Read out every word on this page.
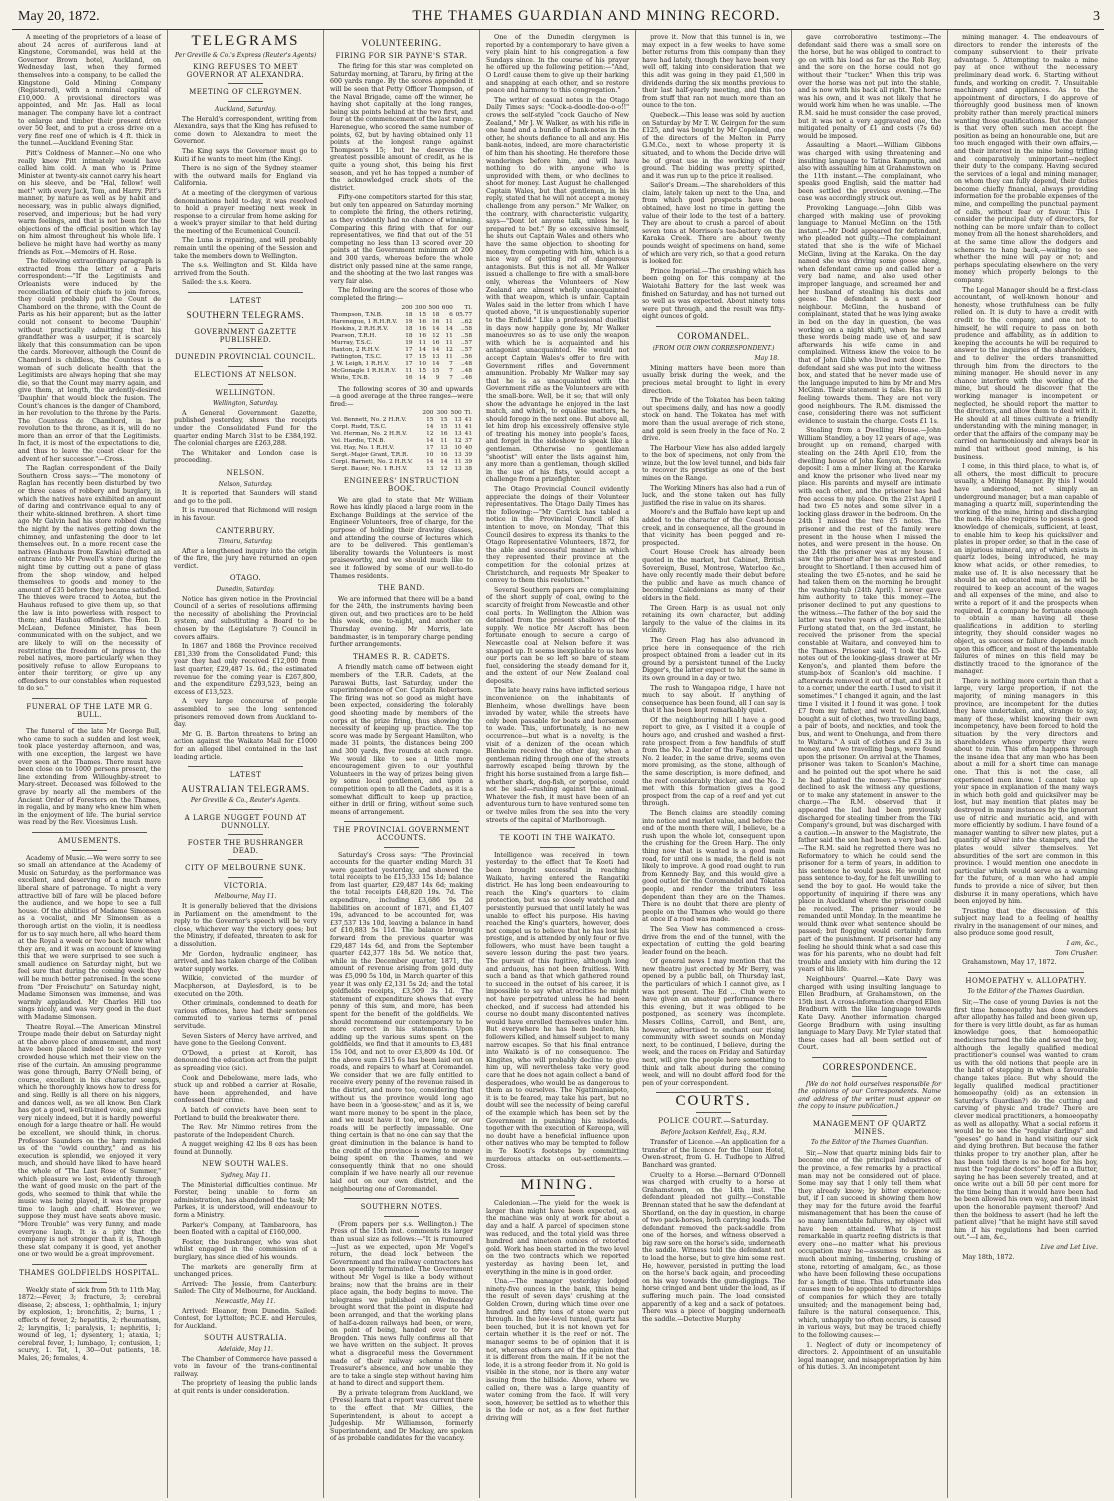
May 20, 1872.	THE THAMES GUARDIAN AND MINING RECORD.	3

A meeting of the proprietors of a lease of about 24 acres of auriferous land at Kingstone, Coromandel, was held at the Governor Brown hotel, Auckland, on Wednesday last, when they formed themselves into a company, to be called the Kingstone Gold Mining Company (Registered), with a nominal capital of £10,000. A provisional directors was appointed, and Mr. Jas. Hall as local manager. The company have let a contract to enlarge and timber their present drive over 50 feet, and to put a cross drive on a very fine reef one of which is 4 ft. thick in the tunnel.—Auckland Evening Star.

Pitt's Coldness of Manner.—No one who really knew Pitt intimately would have called him cold. A man who is Prime Minister at twenty-six cannot carry his heart on his sleeve, and be "Hal, fellow! well met!" with every Jack, Tom, and Harry. Pitt's manner, by nature as well as by habit and necessary, was in public always dignified, reserved, and imperious; but he had very warm feelings, and that is not been for the objections of the official position which lay on him almost throughout his whole life. I believe he might have had worthy as many friends as Fox.—Memoirs of H. Rose.

The following extraordinary paragraph is extracted from the letter of a Paris correspondent:—"If the Legitimists and Orleanists were induced by the reconciliation of their chiefs to join forces, they could probably put the Count de Chambord on the throne, with the Count de Paris as his heir apparent; but as the latter could not consent to become 'Dauphin' without practically admitting that his grandfather was a usurper, it is scarcely likely that this consummation can be upon the cards. Moreover, although the Count de Chambord is childless, the Countess is a woman of such delicate health that the Legitimists are always hoping that she may die, so that the Count may marry again, and give them, at length, the ardently-desired 'Dauphin' that would block the fusion. The Count's chances is the danger of Chambord, in her revolution to the throne by the Paris. The Countess de Chambord, in her revolution to the throne, as it is, will do no more than an error of that the Legitimists. In fact, it is most of the expectations to die, and thus to leave the coast clear for the advent of her successor."—Cross.

The Raglan correspondent of the Daily Southern Cross says:—"The monotony of Raglan has recently been disturbed by two or three cases of robbery and burglary, in which the natives have exhibited an amount of daring and contrivance equal to any of their white-skinned brethren. A short time ago Mr Galvin had his store robbed during the night by the natives getting down the chimney, and unfastening the door to let themselves out. In a more recent case the natives (Hauhaus from Kawhia) effected an entrance into Mr Powell's store during the night time by cutting out a pane of glass from the shop window, and helped themselves to goods and money to the amount of £35 before they became satisfied. The thieves were traced to Aotea, but the Hauhaus refused to give them up, so that the law is into powerless with respect to them; and Hauhau offenders. The Hon. D. McLean, Defence Minister, has been communicated with on the subject, and we are likely to will on the necessity of restricting the freedom of ingress to the rebel natives, more particularly when they positively refuse to allow Europeans to enter their territory, or give up any offenders to our constables when requested to do so."

FUNERAL OF THE LATE MR G. BULL.

The funeral of the late Mr George Bull, who came to such a sudden and lost week, took place yesterday afternoon, and was, with one exception, the largest we have ever seen at the Thames. There must have been close on to 1000 persons present, the line extending from Willoughby-street to Mary-street. Deceased was followed to the grave by nearly all the members of the Ancient Order of Foresters on the Thames, in regalia, and by many who knew him when in the enjoyment of life. The burial service was read by the Rev. Vicesimus Lush.

AMUSEMENTS.

Academy of Music.—We were sorry to see so small an attendance at the Academy of Music on Saturday, as the performance was excellent, and deserving of a much more liberal share of patronage. To night a very attractive bill of fare will be placed before the audience, and we hope to see a full house. Of the abilities of Madame Simonsen as a vocalist, and Mr Simonsen as a thorough artist on the violin, it is needless for us to say much here, all who heard them at the Royal a week or two back know what they are, and it was on account of knowing this that we were surprised to see such a small audience on Saturday night, but we feel sure that during the coming week they will be much better patronised. In the scene from "Der Freischutz" on Saturday night, Madame Simonsen was immense, and was warmly applauded. Mr Charles Hill too sings nicely, and was very good in the duet with Madame Simonsen.

Theatre Royal.—The American Minstrel Troupe made their debut on Saturday night at the above place of amusement, and most have been placed indeed to see the very crowded house which met their view on the rise of the curtain. An amusing programme was gone through, Barry O'Neill being, of course, excellent in his character songs, which he thoroughly knows how to dress for and sing. Reilly is all there on his niggers, and dances well, as we all know. Ben Clark has got a good, well-trained voice, and sings very nicely indeed, but it is hardly powerful enough for a large theatre or hall. He would be excellent, we should think, in chorus. Professor Saunders on the harp reminded us of the "owld counthry," and as his execution is splendid, we enjoyed it very much, and should have liked to have heard the whole of "The Last Rose of Summer," which pleasure we lost, evidently through the want of good music on the part of the gods, who seemed to think that while the music was being played, it was the proper time to laugh and chaff. However, we suppose they must have seats above music. "More Trouble" was very funny, and made everyone laugh. It is a pity that the company is not stronger than it is, Though these slat company it is good, yet another one or two would be a great improvement.

THAMES GOLDFIELDS HOSPITAL.

Weekly state of sick from 5th to 11th May, 1872:—Fever, 3; fracture, 3; cerebral disease, 2; abscess, 1; ophthalmia, 1; injury by explosion, 1; bronchitis, 2; burns, 1 ; effects of fever, 2; hepatitis, 2; rheumatism, 2; laryngitis, 1; paralysis, 1; nephritis, 1; wound of leg, 1; dysentery, 1; ataxia, 1; cerebral fever, 1; lumbago, 1; contusion, 1; scurvy, 1. Tot, 1, 30—Out patients, 18. Males, 26; females, 4.

TELEGRAMS
Per Greville & Co.'s Express (Reuter's Agents)
KING REFUSES TO MEET GOVERNOR AT ALEXANDRA.
MEETING OF CLERGYMEN.
Auckland, Saturday.

The Herald's correspondent, writing from Alexandra, says that the King has refused to come down to Alexandra to meet the Governor.

The King says the Governor must go to Kuiti if he wants to meet him (the King).

There is no sign of the Sydney steamer with the outward mails for England via California.

At a meeting of the clergymen of various denominations held to-day, it was resolved to hold a prayer meeting next week in response to a circular from home asking for a week's prayer similar to that held during the meeting of the Ecumenical Council.

The Luna is repairing, and will probably remain until the opening of the Session and take the members down to Wellington.

The s.s. Wellington and St. Kilda have arrived from the South.

Sailed: the s.s. Keera.

LATEST
SOUTHERN TELEGRAMS.
GOVERNMENT GAZETTE PUBLISHED.
DUNEDIN PROVINCIAL COUNCIL.
ELECTIONS AT NELSON.
WELLINGTON.
Wellington, Saturday.

A General Government Gazette, published yesterday, shows the receipts under the Consolidated Fund for the quarter ending March 31st to be £384,192. The colonial charges are £263,288.

The Whitaker and London case is proceeding.

NELSON.
Nelson, Saturday.

It is reported that Saunders will stand and go to the poll.

It is rumoured that Richmond will resign in his favour.

CANTERBURY.
Timaru, Saturday.

After a lengthened inquiry into the origin of the fire, the jury have returned an open verdict.

OTAGO.
Dunedin, Saturday.

Notice has given notice in the Provincial Council of a series of resolutions affirming the necessity of abolishing the Provincial system, and substituting a Board to be chosen by the (Legislature ?) Council in covers affairs.

In 1867 and 1868 the Province received £81,339 from the Consolidated Fund; this year they had only received £12,000 from last quarter, £29,487 1s. 6d.; the estimated revenue for the coming year is £267,800, and the expenditure £293,523, being an excess of £13,523.

A very large concourse of people assembled to see the long sentenced prisoners removed down from Auckland to-day.

Mr G. B. Barton threatens to bring an action against the Waikato Mail for £1000 for an alleged libel contained in the last leading article.

LATEST
AUSTRALIAN TELEGRAMS.
Per Greville & Co., Reuter's Agents.
A LARGE NUGGET FOUND AT DUNNOLLY.
FOSTER THE BUSHRANGER DEAD.
CITY OF MELBOURNE SUNK.
VICTORIA.
Melbourne, May 11.

It is generally believed that the divisions in Parliament on the amendment to the reply to the Governor's speech will be very close, whichever way the victory goes; but the Ministry, if defeated, threaten to ask for a dissolution.

Mr Gordon, hydraulic engineer, has arrived, and has taken charge of the Coliban water supply works.

Wilkie, convicted of the murder of Macpherson, at Daylesford, is to be executed on the 20th.

Other criminals, condemned to death for various offences, have had their sentences commuted to various terms of penal servitude.

Seven Sisters of Mercy have arrived, and have gone to the Geelong Convent.

O'Dowd, a priest at Koroit, has denounced the education act from the pulpit as spreading vice (sic).

Cook and Debelowane, mere lads, who stuck up and robbed a carrier at Rosalie, have been apprehended, and have confessed their crime.

A batch of convicts have been sent to Portland to build the breakwater there.

The Rev. Mr Nimmo retires from the pastorate of the Independent Church.

A nugget weighing 42 lbs 8 ozs has been found at Dunnolly.

NEW SOUTH WALES.
Sydney, May 11.

The Ministerial difficulties continue. Mr Forster, being unable to form an administration, has abandoned the task; Mr Parkes, it is understood, will endeavour to form a Ministry.

Parker's Company, at Tambaroora, has been floated with a capital of £160,000.

Foster, the bushranger, who was shot whilst engaged in the commission of a burglary, has since died of his wounds.

The markets are generally firm at unchanged prices.

Arrived: The Jessie, from Canterbury. Sailed: The City of Melbourne, for Auckland.

Newcastle, May 11.

Arrived: Eleanor, from Dunedin. Sailed: Contest, for Lyttelton; P.C.E. and Hercules, for Auckland.

SOUTH AUSTRALIA.
Adelaide, May 11.

The Chamber of Commerce have passed a vote in favour of the trans-continental railway.

The propriety of leasing the public lands at quit rents is under consideration.

VOLUNTEERING.
FIRING FOR SIR PAYNE'S STAR.

The firing for this star was completed on Saturday morning, at Tararu, by firing at the 600 yards range. By the scores appended it will be seen that Petty Officer Thompson, of the Naval Brigade, came off the winner, he having shot capitally at the long ranges, being six points behind at the two first, and four at the commencement of the last range. Harenegue, who scored the same number of points, 62, but by having obtained only 11 points at the longest range against Thompson's 15; but he deserves the greatest possible amount of credit, as he is quite a young shot, this being his first season, and yet he has topped a number of the acknowledged crack shots of the district.

Fifty-one competitors started for this star, but only ten appeared on Saturday morning to complete the firing, the others retiring, as they evidently had no chance of winning. Comparing this firing with that for our representatives, we find that out of the 51 competing no less than 13 scored over 20 points at the Government minimum at 200 and 300 yards, whereas before the whole district only passed nine at the same range, and the shooting at the two last ranges was very fair also.

The following are the scores of those who completed the firing:—

	200	300	500	600	Tl.
Thompson, T.N.B.	18	15	18	6	05.77
Harenegue, 1 R.H.R.V.	19	16	16	11	..62
Hoskins, 2 R.H.R.V.	18	16	14	14	..58
Pearson, T.R.H.	18	16	12	11	..58
Murray, T.S.C.	19	11	16	11	..57
Haxton, 2 R.H.V.	17	14	14	12	..57
Pattington, T.S.C.	17	15	13	11	..56
J. W. Leigh, 1 R.H.V.	17	10	14	7	..48
McGonagle 1 R.H.R.V.	11	15	15	7	..48
White, T.N.B.	16	14	9	7	..46

The following scores of 30 and upwards —a good average at the three ranges—were fired:—

	200	300	500	Tl.
Vol. Bennett, No. 2 H.R.V.	15	15	13	41
Corpl. Rudd, T.S.C.	14	15	11	41
Vol. Herman, No. 2 H.R.V.	12	16	13	41
Vol. Hardie, T.N.B.	14	11	12	37
Vol. Hay, No. 1 R.H.V.	17	13	10	40
Sergt.-Major Grant, T.R.R.	10	16	13	39
Corpl. Barnett, No. 2 H.R.V.	14	14	11	39
Sergt. Bauer, No. 1 R.H.V.	13	12	13	38
ENGINEERS' INSTRUCTION BOOK.

We are glad to state that Mr William Rowe has kindly placed a large room in the Exchange Buildings at the service of the Engineer Volunteers, free of charge, for the purpose of holding their drawing classes, and attending the course of lectures which are to be delivered. This gentleman's liberality towards the Volunteers is most praiseworthy, and we should much like to see it followed by some of our well-to-do Thames residents.

THE BAND.

We are informed that there will be a band for the 24th, the instruments having been given out, and two practices are to be held this week, one to-night, and another on Thursday evening. Mr Morris, late bandmaster, is in temporary charge pending further arrangements.

THAMES R. R. CADETS.

A friendly match came off between eight members of the T.R.R. Cadets, at the Parawai Butts, last Saturday, under the superintendence of Cor. Captain Robertson. The firing was not so good as might have been expected, considering the tolerably good shooting made by members of the corps at the prize firing, thus showing the necessity of keeping up practice. The top score was made by Sergeant Hamilton, who made 31 points, the distances being 200 and 300 yards, five rounds at each range. We would like to see a little more encouragement given to our youthful Volunteers in the way of prizes being given by some local gentlemen, and upon a competition open to all the Cadets, as it is a somewhat difficult to keep up practice, either in drill or firing, without some such means of arrangement.

THE PROVINCIAL GOVERNMENT ACCOUNTS.

Saturday's Cross says: "The Provincial accounts for the quarter ending March 31 were gazetted yesterday, and showed the total receipts to be £15,333 15s 1d; balance from last quarter, £29,487 14s 6d; making the total receipts £48,820 19s. 7d. The expenditure, including £3,686 9s 2d liabilities on account of 1871, and £1,407 19s, advanced to be accounted for, was £37,537 13s 10d, leaving a balance in hand of £10,883 5s 11d. The balance brought forward from the previous quarter was £29,487 14s 6d, and from the September quarter £42,377 18s 5d. We notice that, while in the December quarter, 1871, the amount of revenue arising from gold duty was £5,090 5s 10d, in March quarter of this year it was only £2,131 5s 2d; and the total goldfields receipts, £3,509 3s 1d. The statement of expenditure shows that every penny of this sum, and more, has been spent for the benefit of the goldfields. We should recommend our contemporary to be more correct in his statements. Upon adding up the various sums spent on the goldfields, we find that it amounts to £3,481 15s 10d, and not to over £3,809 4s 10d. Of the above sum £315 6s has been laid out on roads, and repairs to wharf at Coromandel. We consider that we are fully entitled to receive every penny of the revenue raised in the district, and more too, considering that without us the province would long ago have been in a 'goose-stew,' and as it is, we want more money to be spent in the place, and we must have it too, ere long, or our roads will be perfectly impassable. One thing certain is that no one can say that the great diminution in the balance is hand to the credit of the province is owing to money being spent on the Thames, and we consequently think that no one should complain if we have nearly all our revenue laid out on our own district, and the neighbouring one of Coromandel.

SOUTHERN NOTES.

(From papers per s.s. Wellington.) The Press of the 15th inst. comments its larger than usual size as follows:—"It is rumoured—Just as we expected, upon Mr Vogel's return, the dead lock between the Government and the railway contractors has been speedily terminated. The Government without Mr Vogel is like a body without brains; now that the brains are in their place again, the body begins to move. The telegrams we published on Wednesday brought word that the point in dispute had been arranged, and that the working plans of half-a-dozen railways had been, or were, on point of being, handed over to Mr Brogden. This news fully confirms all that we have written on the subject. It proves what a disgraceful mess the Government made of their railway scheme in the Treasurer's absence, and how unable they are to take a single step without having him at hand to direct and support them.

By a private telegram from Auckland, we (Press) learn that a report was current there to the effect that Mr Gillies, the Superintendent, is about to accept a Judgeship. Mr Williamson, formerly Superintendent, and Dr Mackay, are spoken of as probable candidates for the vacancy.

One of the Dunedin clergymen is reported by a contemporary to have given a very plain hint to his congregation a few Sundays since. In the course of his prayer he offered up the following petition:—"And, O Lord! cause them to give up their barking and snapping at each other, and so restore peace and harmony to this congregation."

The writer of casual notes in the Otago Daily Times says: "Cock-a-doodle-doo-o-o!!" crows the self-styled "cock Gaucho of New Zealand," Mr J. W. Walker, as with his rifle in one hand and a bundle of bank-notes in the other, he shouts defiance to all and any. His bank-notes, indeed, are more characteristic of him than his shooting. He therefore those wanderings before him, and will have nothing to do with anyone who is unprovided with them, or who declines to shoot for money. Last August he challenged Captain Wales, but that gentleman, in his reply, stated that he will not accept a money challenge from any person." Mr Walker, on the contrary, with characteristic vulgarity, says—"Dont let anyone talk, unless he is prepared to bet." By so excessive himself, he shuts out Captain Wales and others who have the same objection to shooting for money, from competing with him, which is a nice way of getting rid of dangerous antagonists. But this is not all. Mr Walker issued a challenge to fire with a small-bore only, whereas the Volunteers of New Zealand are almost wholly unacquainted with that weapon, which is unfair. Captain Wales said in the letter from which I have quoted above, "it is unquestionably superior to the Enfield." Like a professional duellist in days now happily gone by, Mr Walker manoeuvres so as to use only the weapon with which he is acquainted and his antagonist unacquainted. He would not accept Captain Wales's offer to fire with Government rifles and Government ammunition. Probably Mr Walker may say that he is as unacquainted with the Government rifle as the Volunteers are with the small-bore. Well, be it so; that will only show the advantage he enjoyed in the last match, and which, to equalise matters, he should forego in the next one. But above all, let him drop his excessively offensive style of treating his money into people's faces, and forget in the sideshow to speak like a gentleman. Otherwise no gentleman "shootist" will enter the lists against him, any more than a gentleman, though skilled in the use of his fists, would accept a challenge from a prizefighter.

The Otago Provincial Council evidently appreciate the doings of their Volunteer representatives. The Otago Daily Times has the following:—"Mr Carrick has tabled a notice in the Provincial Council of his intention to move, on Monday, 'That this Council desires to express its thanks to the Otago Representative Volunteers, 1872, for the able and successful manner in which they represented their province at the competition for the colonial prizes at Christchurch, and requests Mr Speaker to convey to them this resolution.'"

Several Southern papers are complaining of the short supply of coal, owing to the scarcity of freight from Newcastle and other coal ports. In Wellington the Albion was detained from the present shallows of the supply. We notice Mr Ascroft has been fortunate enough to secure a cargo of Newcastle coal at Nelson before it was snapped up. It seems inexplicable to us how our ports can be so left so bare of steam fuel, considering the steady demand for it, and the extent of our New Zealand coal deposits.

The late heavy rains have inflicted serious inconvenience on the inhabitants of Blenheim, whose dwellings have been invaded by water, while the streets have only been passable for boats and horsemen to wade. This, unfortunately, is no new occurrence—but what is a novelty, is the visit of a denizen of the ocean which Blenheim received the other day, when a gentleman riding through one of the streets narrowly escaped being thrown by the fright his horse sustained from a large fish—whether shark, dog-fish, or porpoise, could not be said—rushing against the animal. Whatever the fish, it must have been of an adventurous turn to have ventured some ten or twelve miles from the sea into the very streets of the capital of Marlborough.

TE KOOTI IN THE WAIKATO.

Intelligence was received in town yesterday to the effect that Te Kooti had been brought successful in reaching Waikato, having entered the Rangatiki district. He has long been endeavouring to reach the King's quarters to claim protection, but was so closely watched and persistently pursued that until lately he was unable to effect his purpose. His having reached the King's quarters, however, does not compel us to believe that he has lost his prestige, and is attended by only four or five followers, who must have been taught a severe lesson during the past two years. The pursuit of this fugitive, although long and arduous, has not been fruitless. With such a band as that which gathered round to succeed in the outset of his career, it is impossible to say what atrocities he might not have perpetrated unless he had been checked, and if success had attended his course no doubt many discontented natives would have enrolled themselves under him. But everywhere he has been beaten, his followers killed, and himself subject to many narrow escapes. So that his final entrance into Waikato is of no consequence. The Kingites, who will probably decline to give him up, will nevertheless take very good care that he does not again collect a band of desperadoes, who would be as dangerous to them as to ourselves. The Ngatimaniapoto, it is to be feared, may take his part, but no doubt will see the necessity of being careful of the example which has been set by the Government in punishing his misdeeds, together with the execution of Kereopa, will no doubt have a beneficial influence upon other natives who may be tempted to follow in Te Kooti's footsteps by committing murderous attacks on out-settlements.—Cross.

MINING.

Caledonian.—The yield for the week is larger than might have been expected, as the machine was only at work for about a day and a half. A parcel of specimen stone was reduced, and the total yield was three hundred and nineteen ounces of retorted gold. Work has been started in the two level on the two contracts which we reported yesterday as having been let, and everything in the mine is in good order.

Una.—The manager yesterday lodged ninety-five ounces in the bank, this being the result of seven days' crushing at the Golden Crown, during which time over one hundred and fifty tons of stone were put through. In the low-level tunnel, quartz has been touched, but it is not known yet for certain whether it is the reef or not. The manager seems to be of opinion that it is not, whereas others are of the opinion that it is different from the main. If it be not the lode, it is a strong feeder from it. No gold is visible in the stone, nor is there any water issuing from the hillside. Above, where we called on, there was a large quantity of water coming from the face. It will very soon, however, be settled as to whether this is the lode or not, as a few feet further driving will

prove it. Now that this tunnel is in, we may expect in a few weeks to have some better returns from this company than they have had lately, though they have been very well off, taking into consideration that we this adit was going in they paid £1,500 in dividends during the six months previous to their last half-yearly meeting, and this too from stuff that ran not much more than an ounce to the ton.

Quebeck.—This lease was sold by auction on Saturday by Mr T. W. Geirgen for the sum £125, and was bought by Mr Copeland, one of the directors of the Melton in Parry G.M.Co., next to whose property it is situated, and to whom the Decide drive will be of great use in the working of their ground. The bidding was pretty spirited, and it was run up to the price it realised.

Sailor's Dream.—The shareholders of this claim, lately taken up next to the Una, and from which good prospects have been obtained, have lost no time in getting the value of their lode to the test of a battery. They are about to crush a parcel of about seven tons at Morrison's tea-battery on the Karaka Creek. There are about twenty pounds weight of specimens on hand, some of which are very rich, so that a good return is looked for.

Prince Imperial.—The crushing which has been going on for this company at the Waiotahi Battery for the last week was finished on Saturday, and has not turned out so well as was expected. About ninety tons were put through, and the result was fifty-eight ounces of gold.

COROMANDEL.
(FROM OUR OWN CORRESPONDENT.)
May 18.

Mining matters have been more than usually brisk during the week, and the precious metal brought to light in every direction.

The Pride of the Tokatea has been taking out specimens daily, and has now a goodly stock on hand. The Tokatea has met with more than the usual average of rich stone, and gold is seen freely in the face of No. 2 drive.

The Harbour View has also added largely to the box of specimens, not only from the winze, but the low level tunnel, and bids fair to recover its prestige as one of the best mines on the Range.

The Working Miners has also had a run of luck, and the stone taken out has fully justified the rise in value on its shares.

Moore's and the Buffalo have kept up and added to the character of the Coast-house creek, and in consequence, all the ground in that vicinity has been pegged and re-prospected.

Court House Creek has already been quoted in the market, but Cabinet, British Sovereign, Busel, Montrose, Waterloo &c., have only recently made their debut before the public and have as much chance of becoming Caledonians as many of their elders in the field.

The Green Harp is as usual not only retaining its own character, but adding largely to the value of the claims in its vicinity.

The Green Flag has also advanced in price here in consequence of the rich prospect obtained from a leader cut in its ground by a persistent tunnel of the Lucky Digger's, the latter expect to hit the same in its own ground in a day or two.

The rush to Wangapoa ridge, I have not much to say about. If anything of consequence has been found, all I can say is that it has been kept remarkably quiet.

Of the neighbouring hill I have a good report to give, as I visited it a couple of hours ago, and crushed and washed a first-rate prospect from a few handfuls of stuff from the No. 2 leader of the Family, and the No. 2 leader, in the same drive, seems even more promising, as the stone, although of the same description, is more defined, and the reef considerably thicker, and the No. 2 met with this formation gives a good prospect from the cap of a reef and yet cut through.

The Bench claims are steadily coming into notice and market value, and before the end of the month there will, I believe, be a rush upon the whole lot, consequent upon the crushing for the Green Harp. The only thing now that is wanted is a good main road, for until one is made, the field is not likely to improve. A good road ought to run from Kennedy Bay, and this would give a good outlet for the Coromandel and Tokatea people, and render the tributers less dependent than they are on the Thames. There is no doubt that there are plenty of people on the Thames who would go there at once if a road was made.

The Sea View has commenced a cross-drive from the end of the tunnel, with the expectation of cutting the gold bearing leader found on the beach.

Of general news I may mention that the new theatre just erected by Mr Berry, was opened by a public ball, on Thursday last, the particulars of which I cannot give, as I was not present. The Ed ... Club were to have given an amateur performance there this evening, but it was obliged to be postponed, as scenery was incomplete. Messrs Collins, Carroll, and Bent, are, however, advertised to enchant our rising community with sweet sounds on Monday next, to be continued, I believe, during the week, and the races on Friday and Saturday next, will give the people here something to think and talk about during the coming week, and will no doubt afford food for the pen of your correspondent.

COURTS.
POLICE COURT.—Saturday.
Before Jackson Keddell, Esq., R.M.

Transfer of Licence.—An application for a transfer of the licence for the Union Hotel, Owen-street, from G. H. Tudhope to Alfred Banchard was granted.

Cruelty to a Horse.—Bernard O'Donnell was charged with cruelty to a horse at Grahamstown, on the 14th inst. The defendant pleaded not guilty.—Constable Brennan stated that he saw the defendant at Shortland, on the day in question, in charge of two pack-horses, both carrying loads. The defendant removed the pack-saddle from one of the horses, and witness observed a big raw sore on the horse's side, underneath the saddle. Witness told the defendant not to load the horse, but to give him some rest. He, however, persisted in putting the load on the horse's back again, and proceeding on his way towards the gum-diggings. The horse cringed and bent under the load, as if suffering much pain. The load consisted apparently of a keg and a sack of potatoes. There was a piece of bagging underneath the saddle.—Detective Murphy

gave corroborative testimony.—The defendant said there was a small sore on the horse, but he was obliged to contract to go on with his load as far as the Rob Roy, and the sore on the horse could not go without their "tucker." When this trip was over the horse was not put into the stable, and is now with his back all right. The horse was his own, and it was not likely that he would work him when he was unable. —The R.M. said he must consider the case proved, but it was not a very aggravated one, the mitigated penalty of £1 and costs (7s 6d) would be imposed.

Assaulting a Maori.—William Gibbons was charged with using threatening and insulting language to Tatina Kamputin, and also with assaulting him at Grahamstown on the 11th instant.—The complainant, who speaks good English, said the matter had been settled the previous evening.—The case was accordingly struck out.

Provoking Language.—John Gibb was charged with making use of provoking language to Manuel McGinn on the 15th instant.—Mr Dodd appeared for defendant, who pleaded not guilty.—The complainant stated that she is the wife of Michael McGinn, living at the Karaka. On the day named she was driving some goose along, when defendant came up and called her a very bad name, and also used other improper language, and screamed her and her husband of stealing his ducks and geese. The defendant is a next door neighbour. McGinn, the husband of complainant, stated that he was lying awake in bed on the day in question, (he was working on a night shift), when he heard these words being made use of, and saw afterwards his wife came in and complained. Witness knew the voice to be that of John Gibb who lived next door. The defendant said she was put into the witness box, and stated that he never made use of the language imputed to him by Mr and Mrs McGinn. Their statement is false. Has no ill feeling towards them. They are not very good neighbours. The R.M. dismissed the case, considering there was not sufficient evidence to sustain the charge. Costs £1 1s.

Stealing from a Dwelling House.—John William Standley, a boy 12 years of age, was brought up on remand, charged with stealing on the 24th April £10, from the dwelling house of John Kenyon, Pocorrewie deposit: I am a miner living at the Karaka and know the prisoner who lived near my place. His parents and myself are intimate with each other, and the prisoner has had free access to my place. On the 21st April I had two £5 notes and some silver in a locking glass drawer in the bedroom. On the 24th I missed the two £5 notes. The prisoner and the rest of the family were present in the house when I missed the notes, and were present in the house. On the 24th the prisoner was at my house. I saw the prisoner after he was arrested and brought to Shortland. I then accused him of stealing the two £5-notes, and he said he had taken them on the morning he brought the washing-tub (24th April). I never gave him authority to take this money.—The prisoner declined to put any questions to the witness.—The father of the boy said the latter was twelve years of age.—Constable Furlong stated that, on the 3rd instant, he received the prisoner from the special constable at Waitara, and conveyed him to the Thames. Prisoner said, "I took the £5-notes out of the looking-glass drawer at Mr Kenyon's, and planted them before the stump-box of Scanlon's old machine. I afterwards removed it out of that, and put it to a corner, under the earth. I used to visit it sometimes." I changed it again, and the last time I visited it I found it was gone. I took £7 from my father, and went to Auckland, bought a suit of clothes, two travelling bags, a pair of boots, and neckties, and took the bus, and went to Onehunga, and from there to Waitara." A suit of clothes and £3 3s in money, and two travelling bags, were found upon the prisoner. On arrival at the Thames, prisoner was taken to Scanlon's Machine, and he pointed out the spot where he said he had planted the money.—The prisoner declined to ask the witness any questions, or to make any statement in answer to the charge.—The R.M. observed that it appeared the lad had been previously discharged for stealing timber from the Tiki Company's ground, but was discharged with a caution.—In answer to the Magistrate, the father said the son had been a very bad lad.—The R.M. said he regretted there was no Reformatory to which he could send the prisoner for a term of years, in addition to his sentence he would pass. He would not pass sentence to-day, for he felt unwilling to send the boy to gaol. He would take the opportunity of inquiring if there was any place in Auckland where the prisoner could be received. The prisoner would be remanded until Monday. In the meantime he would think over what sentence should be passed; but flogging would certainly form part of the punishment. If prisoner had any feeling he should think what a sad case this was for his parents, who no doubt had felt trouble and anxiety with him during the 12 years of his life.

Neighbours' Quarrel.—Kate Davy was charged with using insulting language to Ellen Bradburn, at Grahamstown, on the 15th inst. A cross-information charged Ellen Bradburn with the like language towards Kate Davy. Another information charged George Bradburn with using insulting language to Mary Davy. Mr Tyler stated that these cases had all been settled out of Court.

CORRESPONDENCE.

[We do not hold ourselves responsible for the opinions of our Correspondents. Name and address of the writer must appear on the copy to insure publication.]

MANAGEMENT OF QUARTZ MINES.
To the Editor of the Thames Guardian.

Sir,—Now that quartz mining bids fair to become one of the principal industries of the province, a few remarks by a practical man may not be considered out of place. Some may say that I only tell them what they already know; by bitter experience; but, if I can succeed in showing them how they may for the future avoid the fearful mismanagement that has been the cause of so many lamentable failures, my object will have been attained. What is most remarkable in quartz reefing districts is that every one—no matter what his previous occupation may be—assumes to know as much about mining, timbering, crushing of stone, retorting of amalgam, &c., as those who have been following these occupations for a length of time. This unfortunate idea causes men to be appointed to directorships of companies for which they are totally unsuited; and the management being bad, failure is the natural consequence. This, which, unhappily too often occurs, is caused in various ways, but may be traced chiefly to the following causes:—

1. Neglect of duty or incompetency of directors. 2. Appointment of an unsuitable legal manager, and misappropriation by him of his duties. 3. An incompetent

mining manager. 4. The endeavours of directors to render the interests of the company subservient to their private advantage. 5. Attempting to make a mine pay at once without the necessary preliminary dead work. 6. Starting without funds, and working on credit. 7. Unsuitable machinery and appliances. As to the appointment of directors, I do approve of thoroughly good business men of known probity rather than merely practical miners wanting those qualifications. But the danger is that very often such men accept the position as being an honourable one, but are too much engaged with their own affairs,—and their interest in the mine being trifling and comparatively unimportant—neglect their duty to the company. Having secured the services of a legal and mining manager, on whom they can fully depend, their duties become chiefly financial, always providing information for the probable expenses of the mine, and compelling the punctual payment of calls, without fear or favour. This I consider the principal duty of directors, for nothing can be more unfair than to collect money from all the honest shareholders, and at the same time allow the dodgers and schemers to hang back,—waiting to see whether the mine will pay or not; and perhaps speculating elsewhere on the very money which properly belongs to the company.

The Legal Manager should be a first-class accountant, of well-known honour and honesty, whose truthfulness can be fully relied on. It is duty to have a credit with credit to the company, and one not to himself, he will require to pass on both prudence and affability, as in addition to keeping the accounts he will be required to answer to the inquiries of the shareholders, and to deliver the orders transmitted through him from the directors to the mining manager. He should never in any chance interfere with the working of the mine, but should he discover that the working manager is incompetent or neglected, he should report the matter to the directors, and allow them to deal with it. He should at all times cultivate a friendly understanding with the mining manager, in order that the affairs of the company may be carried on harmoniously and always bear in mind that without good mining, is his business.

I come, in this third place, to what is, of all others, the most difficult to procure usually, a Mining Manager. By this I would have understood, not simply an underground manager, but a man capable of managing a quartz mill, superintending the working of the mine, hiring and discharging the men. He also requires to possess a good knowledge of chemicals, sufficient, at least, to enable him to keep his quicksilver and plates in proper order, so that in the case of an injurious mineral, any of which exists in quartz lodes, being introduced, he may know what acids, or other remedies, to make use of. It is also necessary that he should be an educated man, as he will be required to keep an account of the wages and all expenses of the mine, and also to write a report of it and the prospects when required. If a company be fortunate enough to obtain a man having all these qualifications in addition to sterling integrity, they should consider wages no object, as success or failure depends much upon this officer, and most of the lamentable failures of mines on this field may be distinctly traced to the ignorance of the manager.

There is nothing more certain than that a large, very large proportion, if not the majority, of mining managers in this province, are incompetent for the duties they have undertaken, and, strange to say, many of these, whilst knowing their own incompetency, have been forced to hold the situation by the very directors and shareholders whose property they were about to ruin. This often happens through the insane idea that any man who has been about a mill for a short time can manage one. That this is not the case, all experienced men know. I cannot take up your space in explanation of the many ways in which both gold and quicksilver may be lost, but may mention that plates may be destroyed in many instances by the ignorant use of nitric and muriatic acid, and with more efficiently by sodium. I have found of a manager wanting to silver new plates, put a quantity of silver into the stampers, and the plates would silver themselves. Yet absurdities of the sort are common in this province. I would mention one anecdote in particular which would serve as a warning for the future, of a man who had ample funds to provide a nice of silver, but then disburse it in many operations, which have been enjoyed by him.

Trusting that the discussion of this subject may lead to a feeling of healthy rivalry in the management of our mines, and also produce some good result,

I am, &c.,

Tom Crusher.

Grahamstown, May 17, 1872.

HOMOEPATHY v. ALLOPATHY.
To the Editor of the Thames Guardian.

Sir,—The case of young Davies is not the first time homoeopathy has done wonders after allopathy has failed and been given up, for there is very little doubt, as far as human knowledge goes, that homoeopathic medicines turned the tide and saved the boy, although the legally qualified medical practitioner's counsel was wanted to cram us with the old notions that people are in the habit of stepping in when a favourable change takes place. But why should the legally qualified medical practitioner homoeopathy (old) as an extension in Saturday's Guardian?) do the cutting and carving of physic and trade? There are clever medical practitioners, a homoeopathy as well as allopathy. What a social reform it would be to see the "regular darlings" and "geeses" go hand in hand visiting our sick and dying brethren. But because the father thinks proper to try another plan, after he has been told there is no hope for his boy, must the "regular doctors" be off in a flutter, saying he has been severely treated, and at once write out a bill 50 per cent more for the time being than it would have been had he been allowed his own way, and then insist upon the honorable payment thereof? And then the boldness to assert (had he left the patient alive) "that he might have still saved him if his regulations had been carried out."—I am, &c.,

Live and Let Live.

May 18th, 1872.
